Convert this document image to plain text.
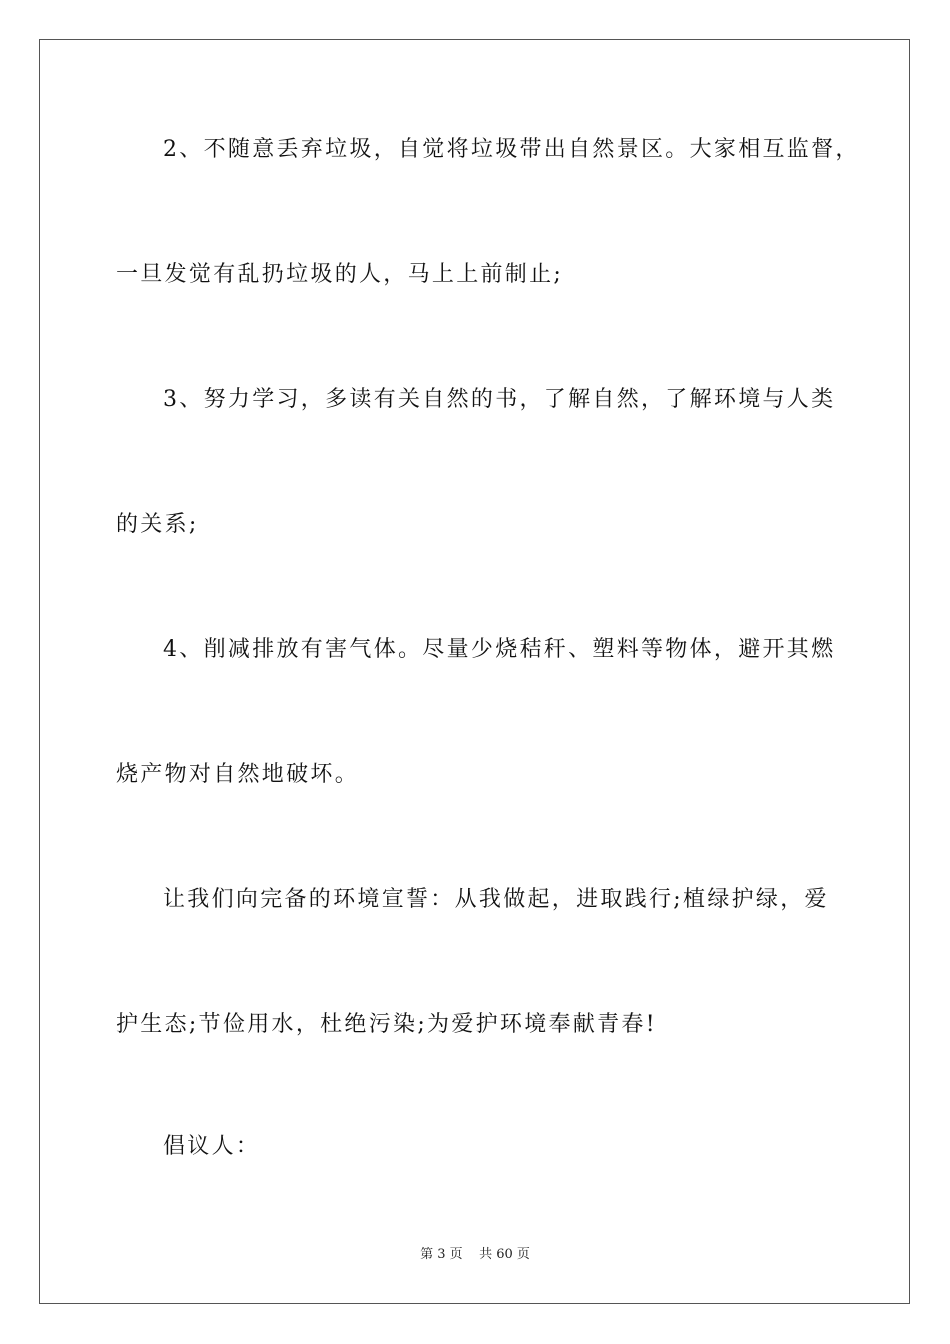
2、不随意丢弃垃圾，自觉将垃圾带出自然景区。大家相互监督，
一旦发觉有乱扔垃圾的人，马上上前制止;
3、努力学习，多读有关自然的书，了解自然，了解环境与人类
的关系;
4、削减排放有害气体。尽量少烧秸秆、塑料等物体，避开其燃
烧产物对自然地破坏。
让我们向完备的环境宣誓：从我做起，进取践行;植绿护绿，爱
护生态;节俭用水，杜绝污染;为爱护环境奉献青春!
倡议人：
第 3 页    共 60 页
